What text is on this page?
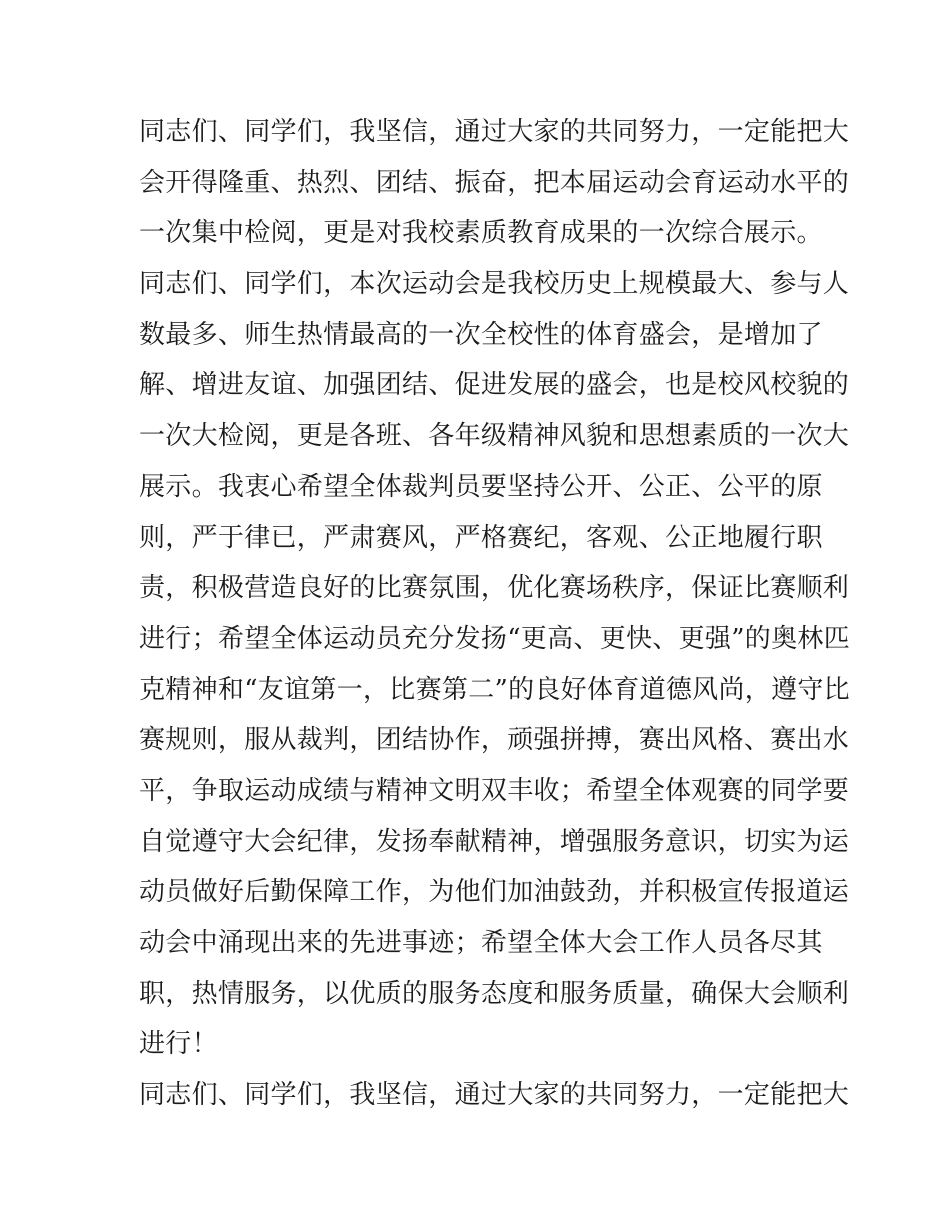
同志们、同学们，我坚信，通过大家的共同努力，一定能把大
会开得隆重、热烈、团结、振奋，把本届运动会育运动水平的
一次集中检阅，更是对我校素质教育成果的一次综合展示。
同志们、同学们，本次运动会是我校历史上规模最大、参与人
数最多、师生热情最高的一次全校性的体育盛会，是增加了
解、增进友谊、加强团结、促进发展的盛会，也是校风校貌的
一次大检阅，更是各班、各年级精神风貌和思想素质的一次大
展示。我衷心希望全体裁判员要坚持公开、公正、公平的原
则，严于律已，严肃赛风，严格赛纪，客观、公正地履行职
责，积极营造良好的比赛氛围，优化赛场秩序，保证比赛顺利
进行；希望全体运动员充分发扬“更高、更快、更强”的奥林匹
克精神和“友谊第一，比赛第二”的良好体育道德风尚，遵守比
赛规则，服从裁判，团结协作，顽强拼搏，赛出风格、赛出水
平，争取运动成绩与精神文明双丰收；希望全体观赛的同学要
自觉遵守大会纪律，发扬奉献精神，增强服务意识，切实为运
动员做好后勤保障工作，为他们加油鼓劲，并积极宣传报道运
动会中涌现出来的先进事迹；希望全体大会工作人员各尽其
职，热情服务，以优质的服务态度和服务质量，确保大会顺利
进行！
同志们、同学们，我坚信，通过大家的共同努力，一定能把大
